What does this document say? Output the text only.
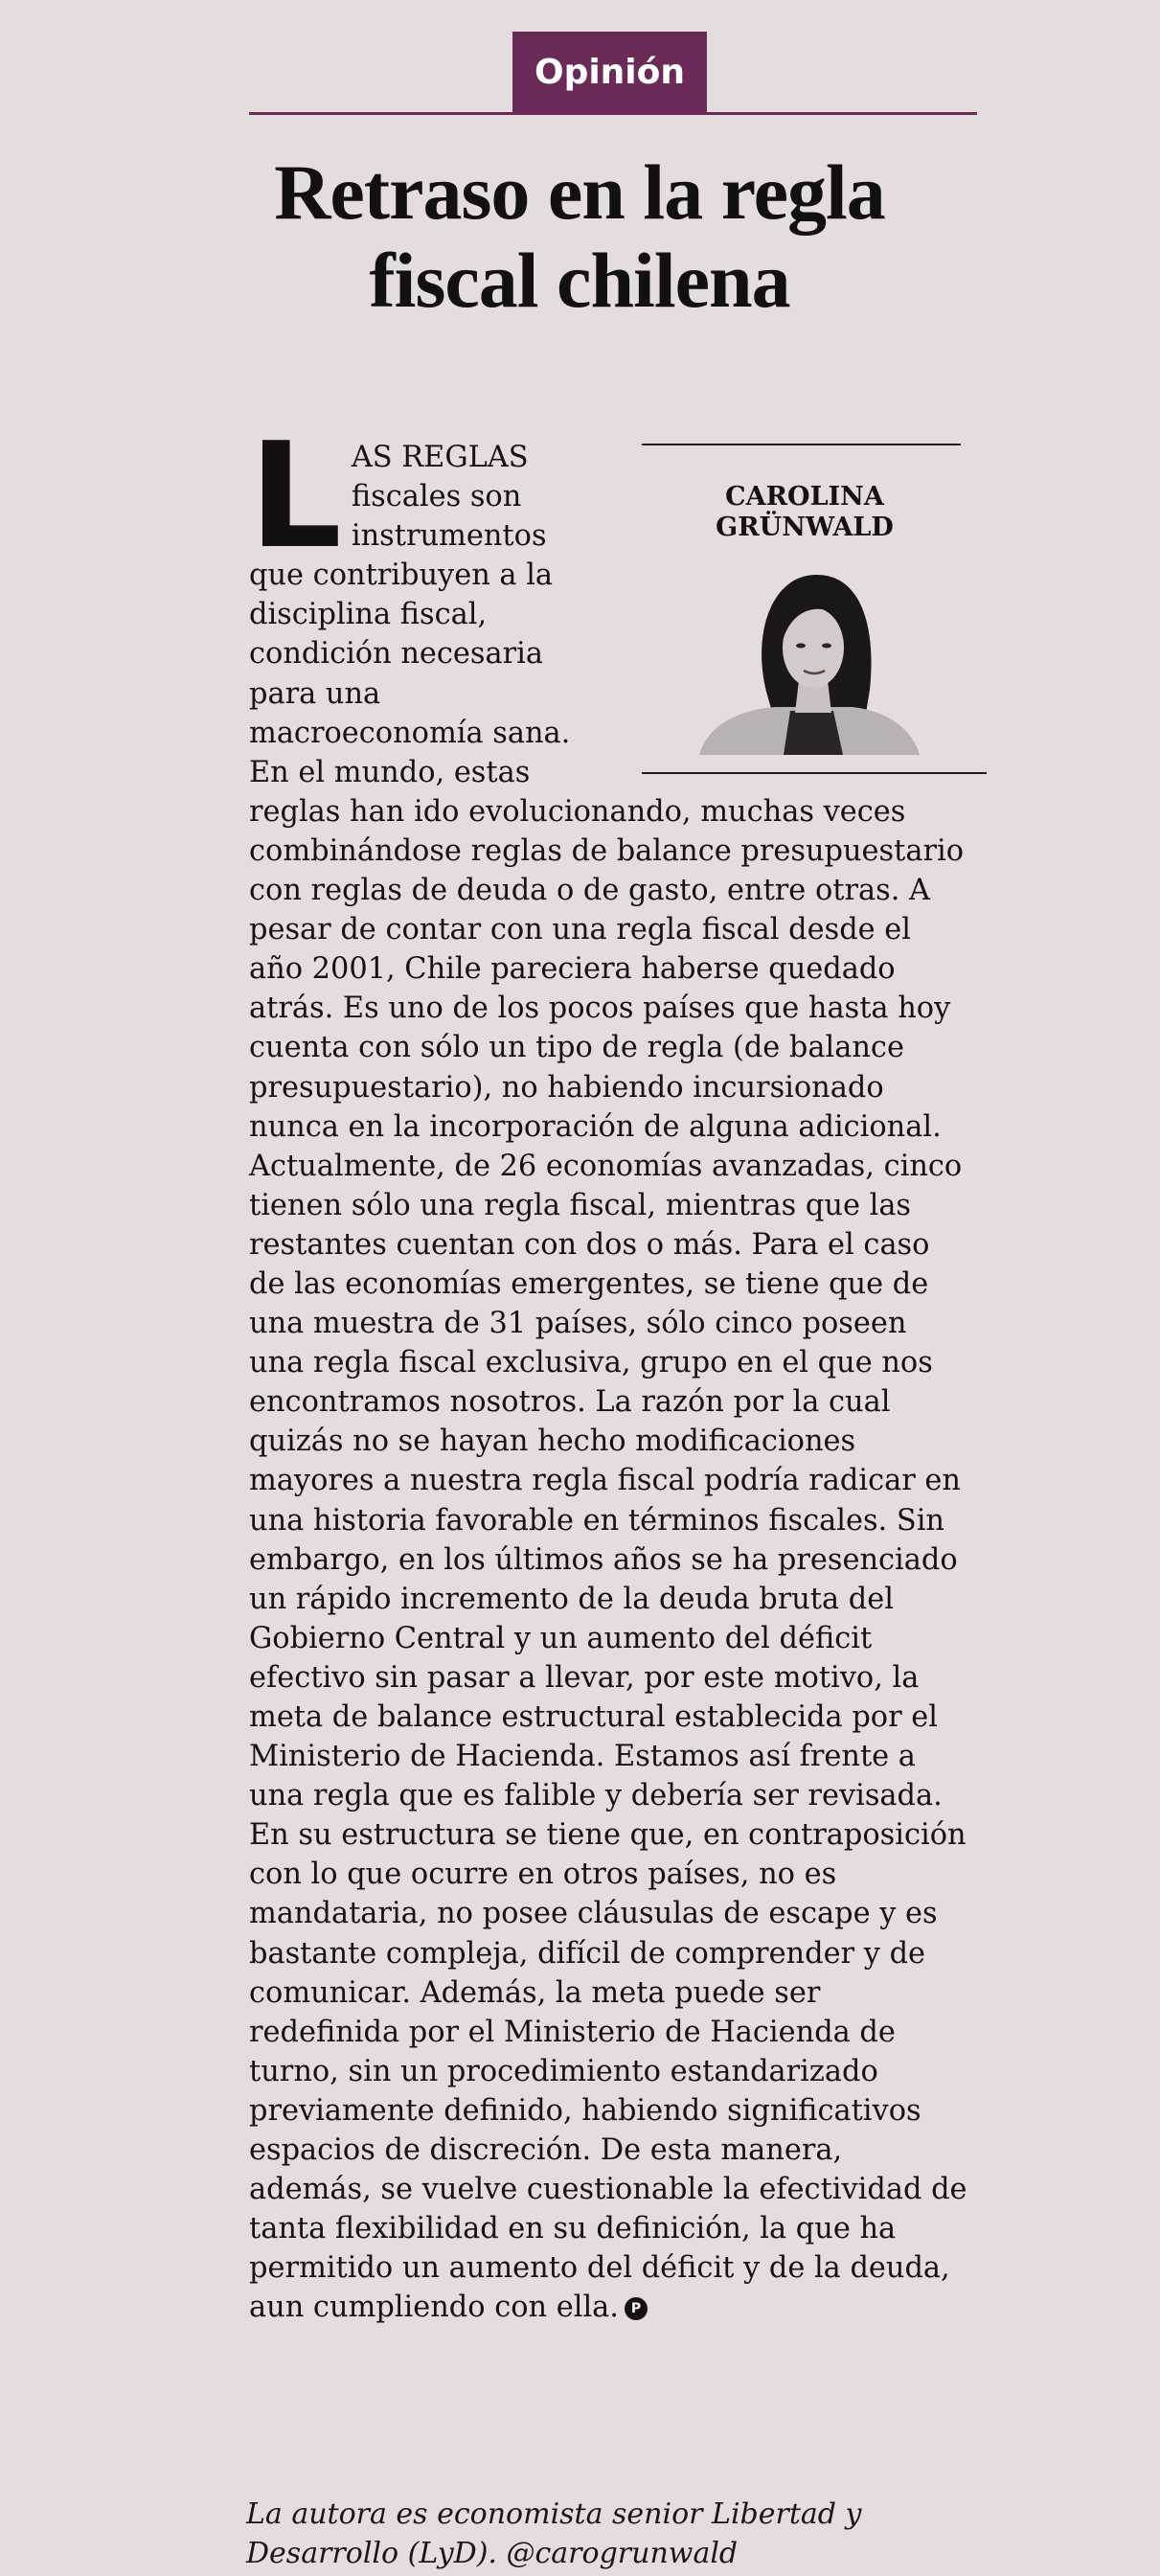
Opinión
Retraso en la regla fiscal chilena

CAROLINA
GRÜNWALD

L AS REGLAS fiscales son instrumentos que contribuyen a la disciplina fiscal, condición necesaria para una macroeconomía sana. En el mundo, estas reglas han ido evolucionando, muchas veces combinándose reglas de balance presupuestario con reglas de deuda o de gasto, entre otras. A pesar de contar con una regla fiscal desde el año 2001, Chile pareciera haberse quedado atrás. Es uno de los pocos países que hasta hoy cuenta con sólo un tipo de regla (de balance presupuestario), no habiendo incursionado nunca en la incorporación de alguna adicional. Actualmente, de 26 economías avanzadas, cinco tienen sólo una regla fiscal, mientras que las restantes cuentan con dos o más. Para el caso de las economías emergentes, se tiene que de una muestra de 31 países, sólo cinco poseen una regla fiscal exclusiva, grupo en el que nos encontramos nosotros. La razón por la cual quizás no se hayan hecho modificaciones mayores a nuestra regla fiscal podría radicar en una historia favorable en términos fiscales. Sin embargo, en los últimos años se ha presenciado un rápido incremento de la deuda bruta del Gobierno Central y un aumento del déficit efectivo sin pasar a llevar, por este motivo, la meta de balance estructural establecida por el Ministerio de Hacienda. Estamos así frente a una regla que es falible y debería ser revisada. En su estructura se tiene que, en contraposición con lo que ocurre en otros países, no es mandataria, no posee cláusulas de escape y es bastante compleja, difícil de comprender y de comunicar. Además, la meta puede ser redefinida por el Ministerio de Hacienda de turno, sin un procedimiento estandarizado previamente definido, habiendo significativos espacios de discreción. De esta manera, además, se vuelve cuestionable la efectividad de tanta flexibilidad en su definición, la que ha permitido un aumento del déficit y de la deuda, aun cumpliendo con ella. P

La autora es economista senior Libertad y Desarrollo (LyD). @carogrunwald
